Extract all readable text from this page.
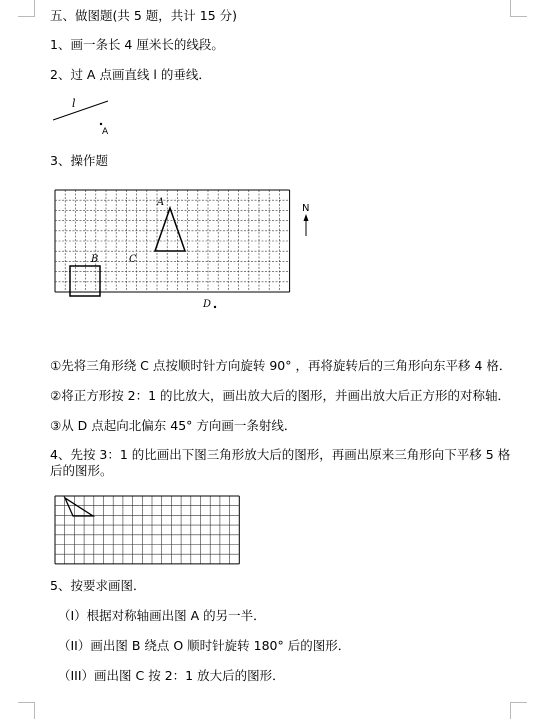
五、做图题(共 5 题，共计 15 分)
1、画一条长 4 厘米长的线段。
2、过 A 点画直线 l 的垂线．
l
A
3、操作题
A
B	C
D
N
①先将三角形绕 C 点按顺时针方向旋转 90° ，再将旋转后的三角形向东平移 4 格．
②将正方形按 2：1 的比放大，画出放大后的图形，并画出放大后正方形的对称轴．
③从 D 点起向北偏东 45° 方向画一条射线．
4、先按 3：1 的比画出下图三角形放大后的图形，再画出原来三角形向下平移 5 格后的图形。
5、按要求画图．
（I）根据对称轴画出图 A 的另一半．
（II）画出图 B 绕点 O 顺时针旋转 180° 后的图形．
（III）画出图 C 按 2：1 放大后的图形．
